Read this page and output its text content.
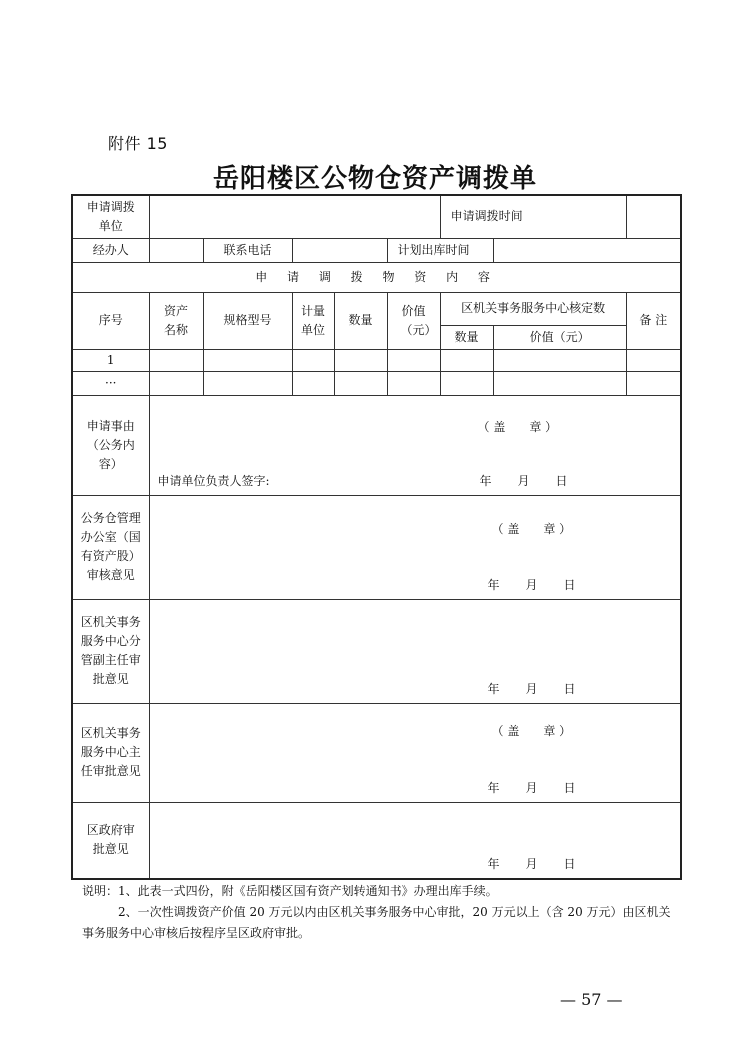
附件 15
岳阳楼区公物仓资产调拨单
申请调拨单位						申请调拨时间		
经办人		联系电话			计划出库时间			
申 请 调 拨 物 资 内 容								
序号	资产名称	规格型号	计量单位	数量	价值（元）	区机关事务服务中心核定数		备 注
						数量	价值（元）	
1								
···								

申请事由（公务内容）	（ 盖　　章 ）
申请单位负责人签字: 年 月 日							

公务仓管理办公室（国有资产股）审核意见	（ 盖　　章 ）
年 月 日							

区机关事务服务中心分管副主任审批意见	年 月 日							

区机关事务服务中心主任审批意见	（ 盖　　章 ）
年 月 日							

区政府审批意见	年 月 日							

说明：1、此表一式四份，附《岳阳楼区国有资产划转通知书》办理出库手续。

2、一次性调拨资产价值 20 万元以内由区机关事务服务中心审批，20 万元以上（含 20 万元）由区机关事务服务中心审核后按程序呈区政府审批。

— 57 —
